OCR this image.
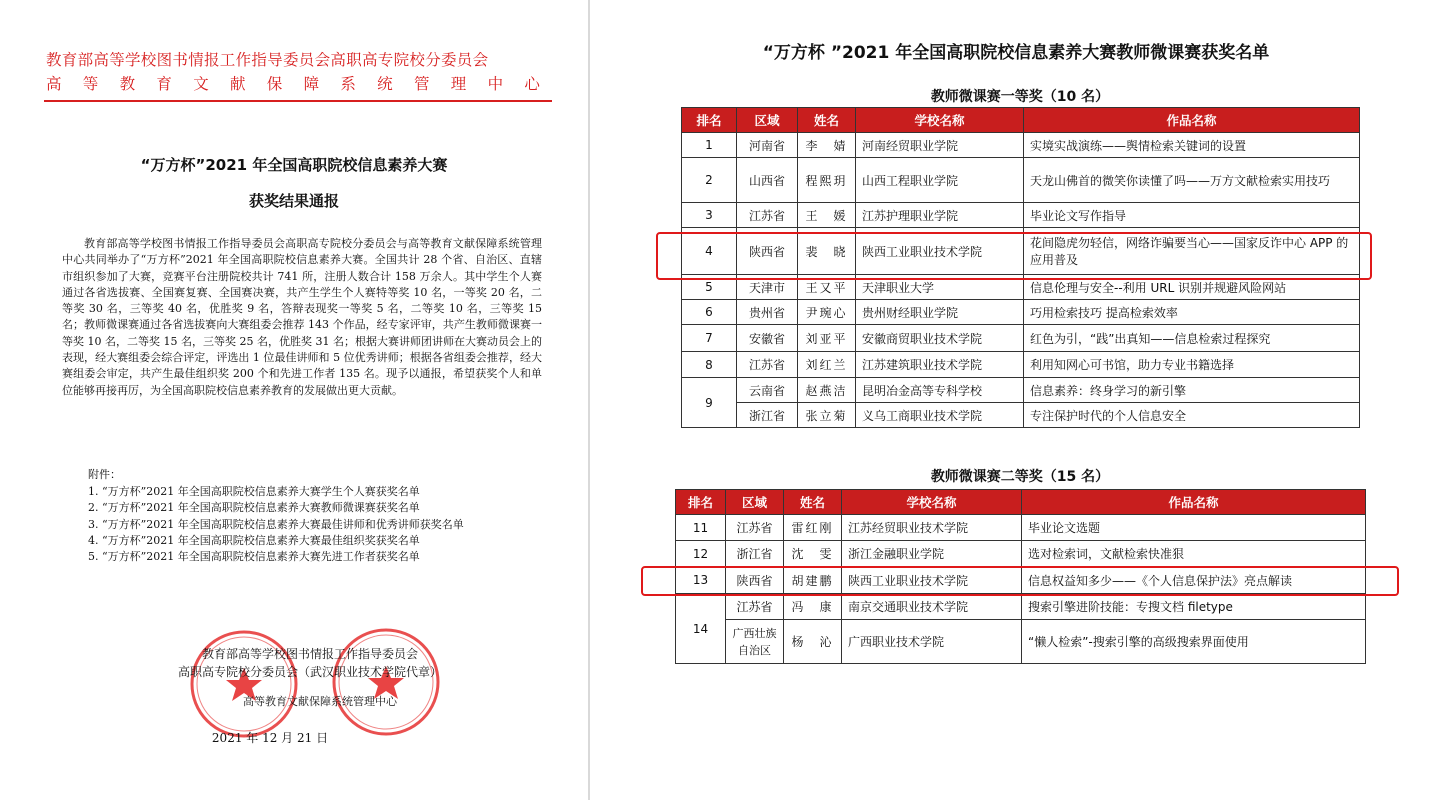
教育部高等学校图书情报工作指导委员会高职高专院校分委员会
高 等 教 育 文 献 保 障 系 统 管 理 中 心
“万方杯”2021 年全国高职院校信息素养大赛
获奖结果通报
教育部高等学校图书情报工作指导委员会高职高专院校分委员会与高等教育文献保障系统管理中心共同举办了“万方杯”2021 年全国高职院校信息素养大赛。全国共计 28 个省、自治区、直辖市组织参加了大赛，竞赛平台注册院校共计 741 所，注册人数合计 158 万余人。其中学生个人赛通过各省选拔赛、全国赛复赛、全国赛决赛，共产生学生个人赛特等奖 10 名，一等奖 20 名，二等奖 30 名，三等奖 40 名，优胜奖 9 名，答辩表现奖一等奖 5 名，二等奖 10 名，三等奖 15 名；教师微课赛通过各省选拔赛向大赛组委会推荐 143 个作品，经专家评审，共产生教师微课赛一等奖 10 名，二等奖 15 名，三等奖 25 名，优胜奖 31 名；根据大赛讲师团讲师在大赛动员会上的表现，经大赛组委会综合评定，评选出 1 位最佳讲师和 5 位优秀讲师；根据各省组委会推荐，经大赛组委会审定，共产生最佳组织奖 200 个和先进工作者 135 名。现予以通报，希望获奖个人和单位能够再接再厉，为全国高职院校信息素养教育的发展做出更大贡献。
附件：
1. “万方杯”2021 年全国高职院校信息素养大赛学生个人赛获奖名单
2. “万方杯”2021 年全国高职院校信息素养大赛教师微课赛获奖名单
3. “万方杯”2021 年全国高职院校信息素养大赛最佳讲师和优秀讲师获奖名单
4. “万方杯”2021 年全国高职院校信息素养大赛最佳组织奖获奖名单
5. “万方杯”2021 年全国高职院校信息素养大赛先进工作者获奖名单
教育部高等学校图书情报工作指导委员会
高职高专院校分委员会（武汉职业技术学院代章）
高等教育文献保障系统管理中心
2021 年 12 月 21 日
“万方杯 ”2021 年全国高职院校信息素养大赛教师微课赛获奖名单
教师微课赛一等奖（10 名）
排名	区域	姓名	学校名称	作品名称
1	河南省	李　婧	河南经贸职业学院	实境实战演练——舆情检索关键词的设置
2	山西省	程熙玥	山西工程职业学院	天龙山佛首的微笑你读懂了吗——万方文献检索实用技巧
3	江苏省	王　媛	江苏护理职业学院	毕业论文写作指导
4	陕西省	裴　晓	陕西工业职业技术学院	花间隐虎勿轻信，网络诈骗要当心——国家反诈中心 APP 的应用普及
5	天津市	王又平	天津职业大学	信息伦理与安全--利用 URL 识别并规避风险网站
6	贵州省	尹琬心	贵州财经职业学院	巧用检索技巧 提高检索效率
7	安徽省	刘亚平	安徽商贸职业技术学院	红色为引，“践”出真知——信息检索过程探究
8	江苏省	刘红兰	江苏建筑职业技术学院	利用知网心可书馆，助力专业书籍选择
9	云南省	赵燕洁	昆明冶金高等专科学校	信息素养：终身学习的新引擎
	浙江省	张立菊	义乌工商职业技术学院	专注保护时代的个人信息安全
教师微课赛二等奖（15 名）
排名	区域	姓名	学校名称	作品名称
11	江苏省	雷红刚	江苏经贸职业技术学院	毕业论文选题
12	浙江省	沈　雯	浙江金融职业学院	选对检索词，文献检索快准狠
13	陕西省	胡建鹏	陕西工业职业技术学院	信息权益知多少——《个人信息保护法》亮点解读
14	江苏省	冯　康	南京交通职业技术学院	搜索引擎进阶技能：专搜文档 filetype
	广西壮族自治区	杨　沁	广西职业技术学院	“懒人检索”-搜索引擎的高级搜索界面使用
